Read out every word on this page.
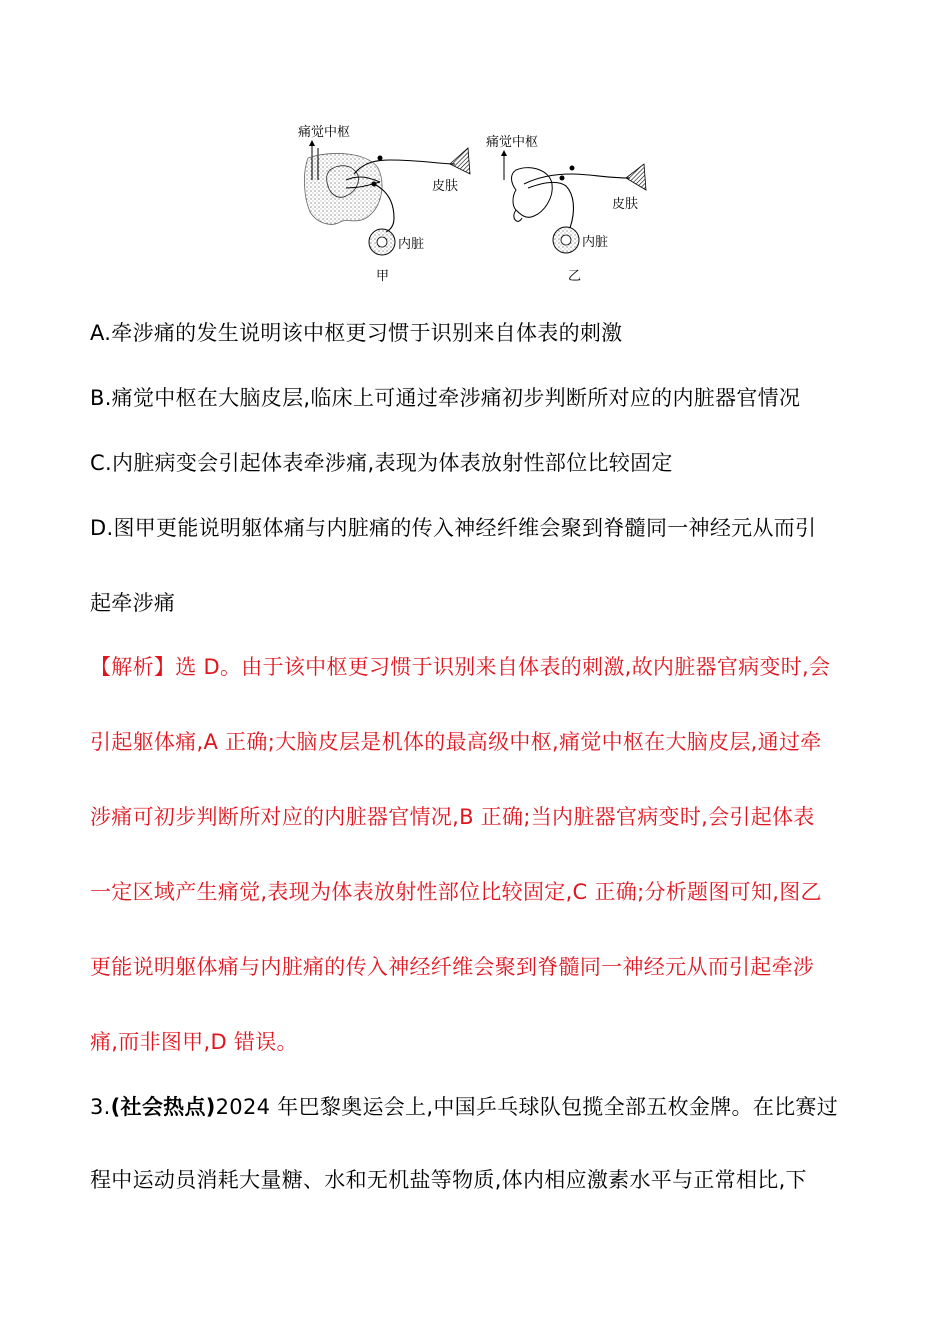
痛觉中枢
皮肤
内脏
甲
痛觉中枢
皮肤
内脏
乙
A.牵涉痛的发生说明该中枢更习惯于识别来自体表的刺激
B.痛觉中枢在大脑皮层,临床上可通过牵涉痛初步判断所对应的内脏器官情况
C.内脏病变会引起体表牵涉痛,表现为体表放射性部位比较固定
D.图甲更能说明躯体痛与内脏痛的传入神经纤维会聚到脊髓同一神经元从而引
起牵涉痛
【解析】选 D。由于该中枢更习惯于识别来自体表的刺激,故内脏器官病变时,会
引起躯体痛,A 正确;大脑皮层是机体的最高级中枢,痛觉中枢在大脑皮层,通过牵
涉痛可初步判断所对应的内脏器官情况,B 正确;当内脏器官病变时,会引起体表
一定区域产生痛觉,表现为体表放射性部位比较固定,C 正确;分析题图可知,图乙
更能说明躯体痛与内脏痛的传入神经纤维会聚到脊髓同一神经元从而引起牵涉
痛,而非图甲,D 错误。
3.(社会热点)2024 年巴黎奥运会上,中国乒乓球队包揽全部五枚金牌。在比赛过
程中运动员消耗大量糖、水和无机盐等物质,体内相应激素水平与正常相比,下
